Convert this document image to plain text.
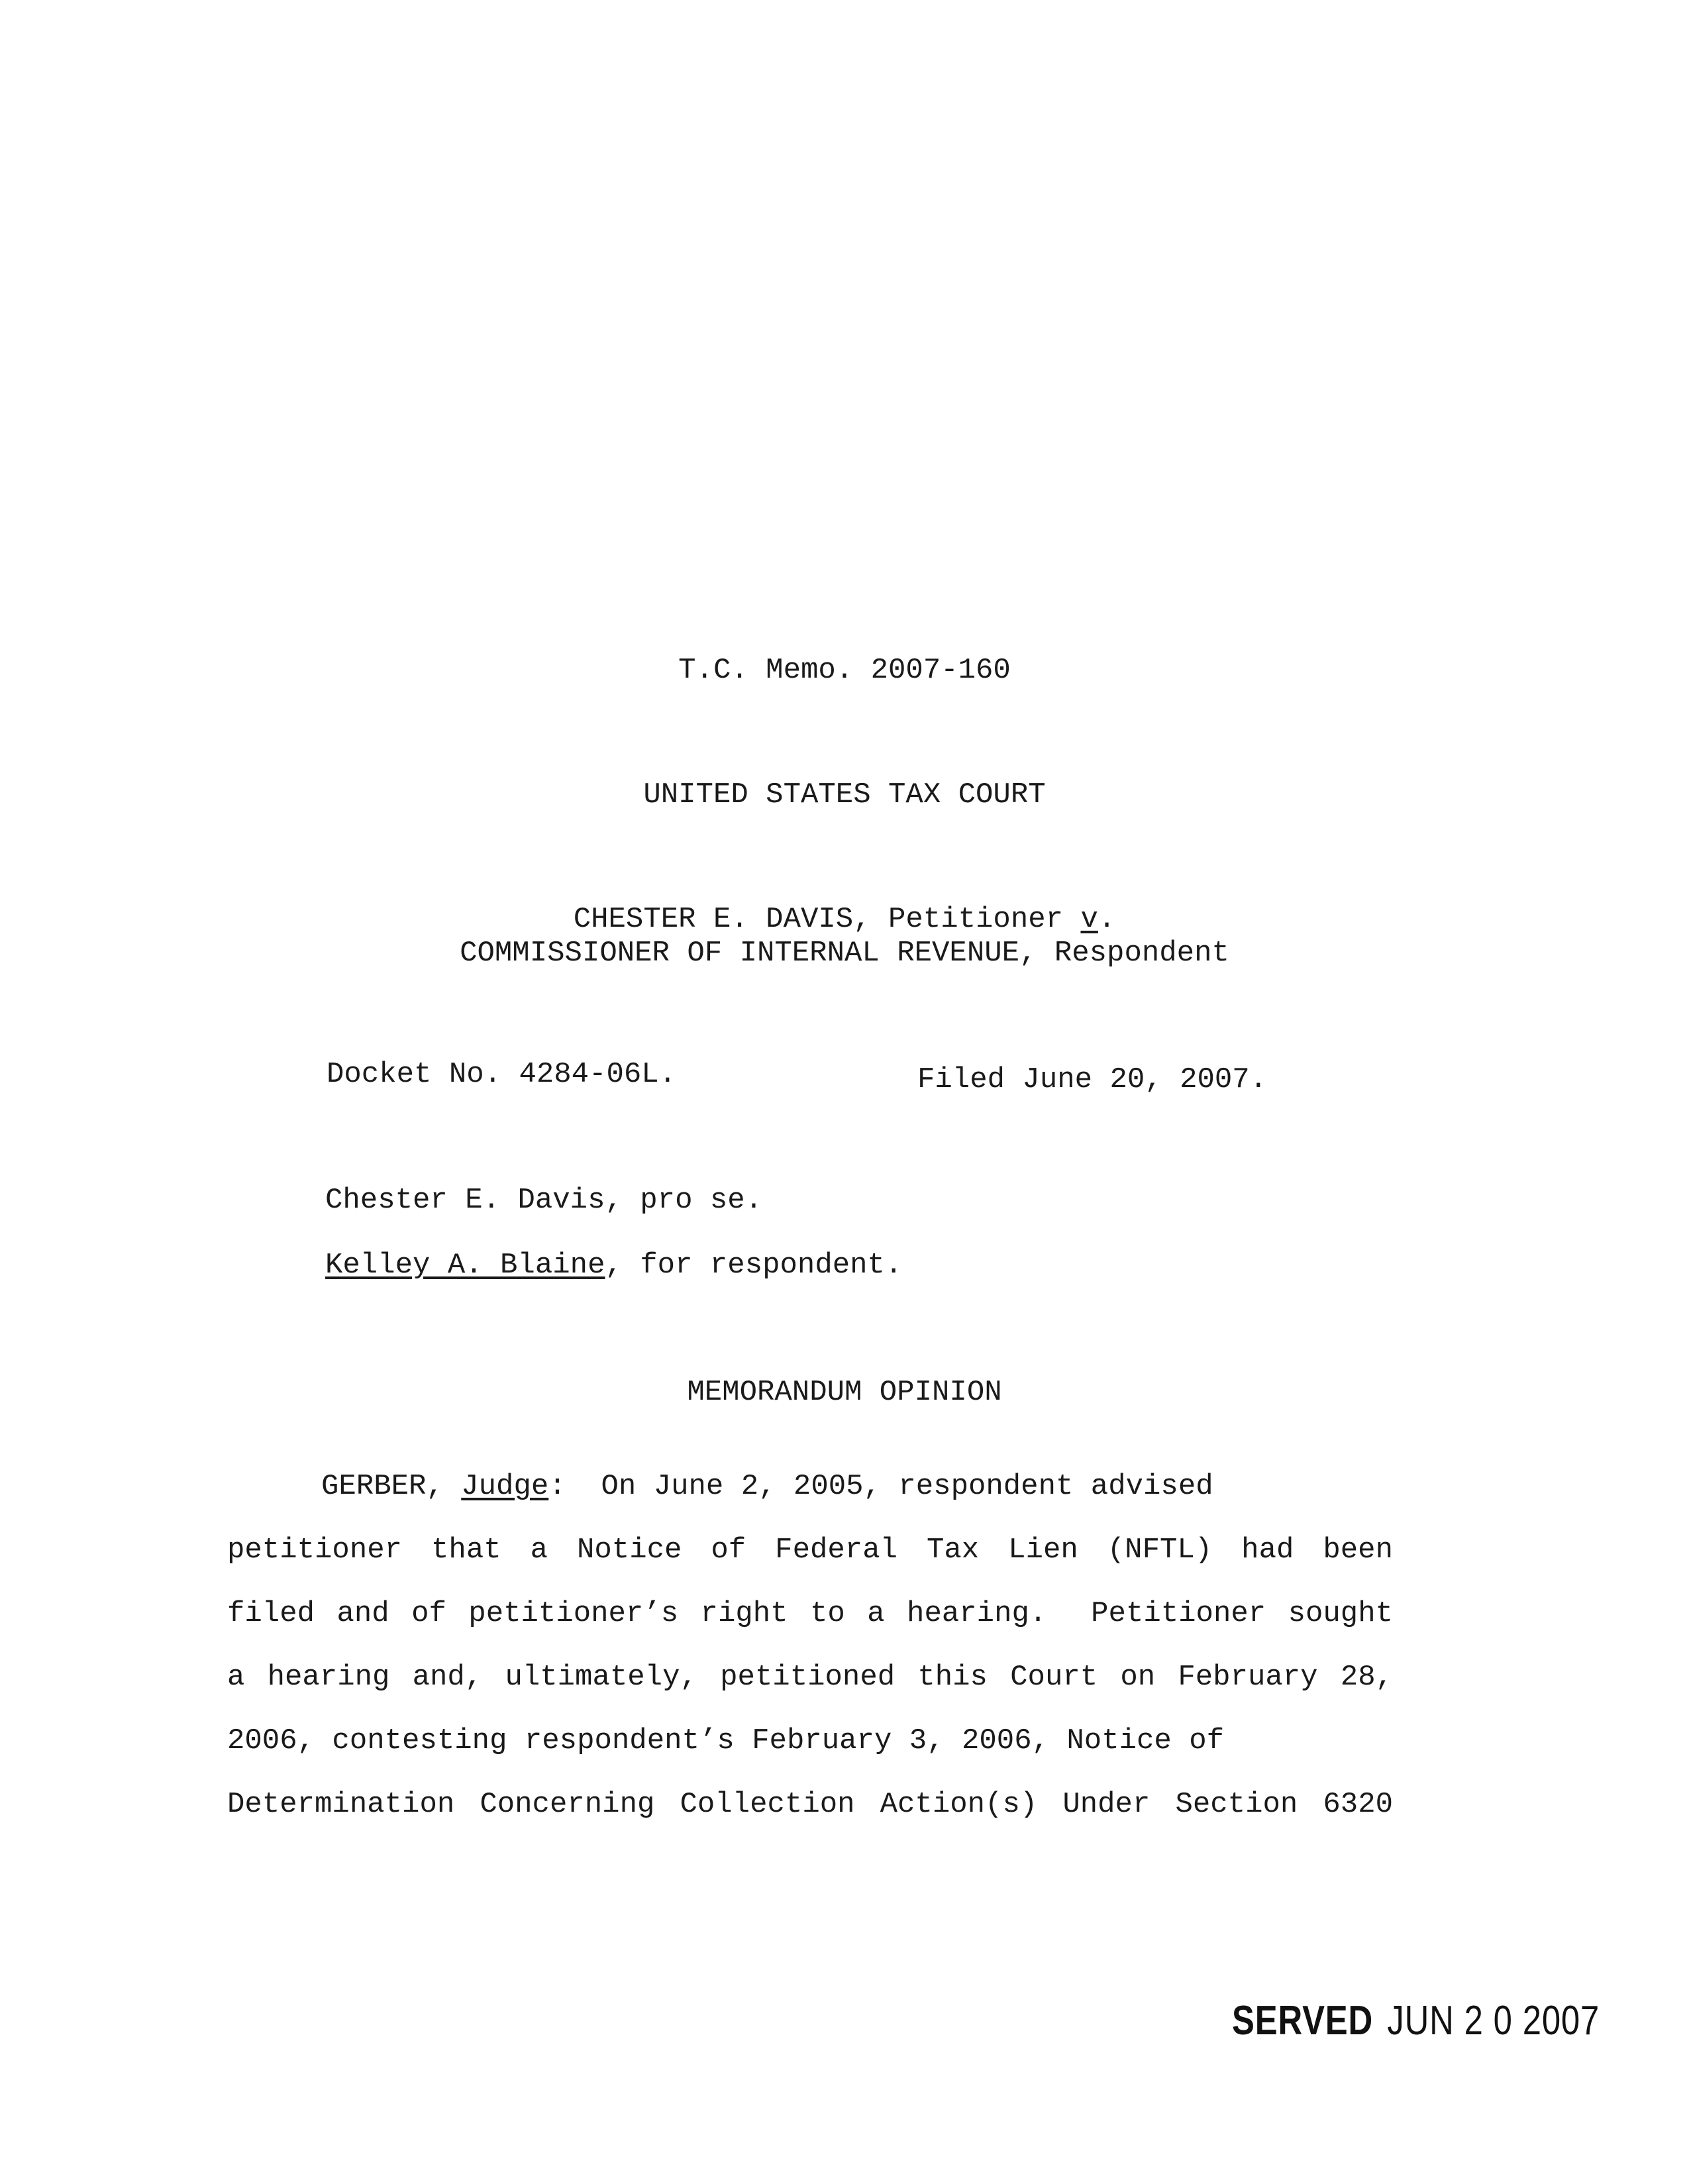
T.C. Memo. 2007-160
UNITED STATES TAX COURT
CHESTER E. DAVIS, Petitioner v.
COMMISSIONER OF INTERNAL REVENUE, Respondent
Docket No. 4284-06L.	Filed June 20, 2007.
Chester E. Davis, pro se.
Kelley A. Blaine, for respondent.
MEMORANDUM OPINION
GERBER, Judge:  On June 2, 2005, respondent advised
petitioner that a Notice of Federal Tax Lien (NFTL) had been
filed and of petitioner’s right to a hearing.  Petitioner sought
a hearing and, ultimately, petitioned this Court on February 28,
2006, contesting respondent’s February 3, 2006, Notice of
Determination Concerning Collection Action(s) Under Section 6320
SERVED JUN 2 0 2007
